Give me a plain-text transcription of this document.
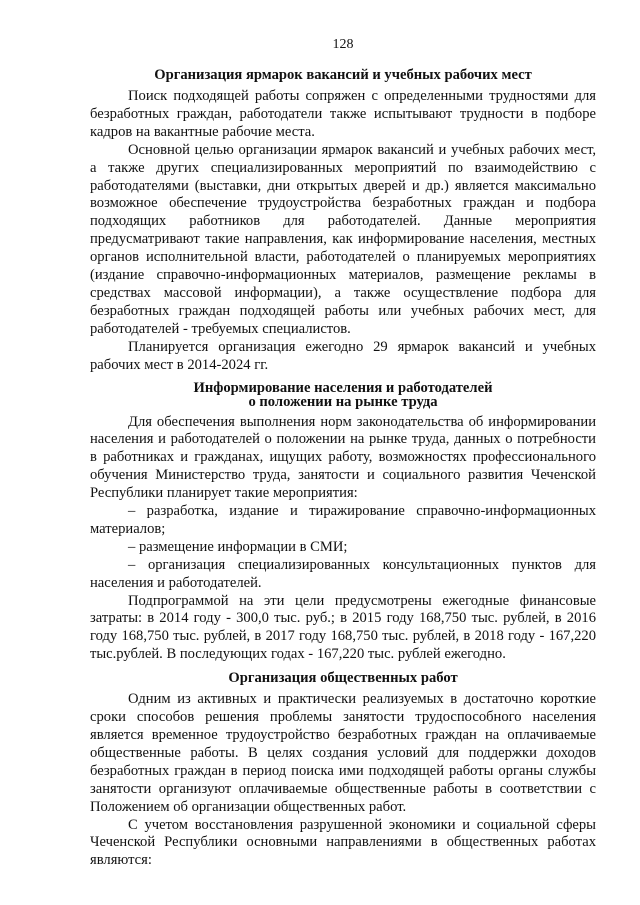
128
Организация ярмарок вакансий и учебных рабочих мест

Поиск подходящей работы сопряжен с определенными трудностями для безработных граждан, работодатели также испытывают трудности в подборе кадров на вакантные рабочие места.

Основной целью организации ярмарок вакансий и учебных рабочих мест, а также других специализированных мероприятий по взаимодействию с работодателями (выставки, дни открытых дверей и др.) является максимально возможное обеспечение трудоустройства безработных граждан и подбора подходящих работников для работодателей. Данные мероприятия предусматривают такие направления, как информирование населения, местных органов исполнительной власти, работодателей о планируемых мероприятиях (издание справочно-информационных материалов, размещение рекламы в средствах массовой информации), а также осуществление подбора для безработных граждан подходящей работы или учебных рабочих мест, для работодателей - требуемых специалистов.

Планируется организация ежегодно 29 ярмарок вакансий и учебных рабочих мест в 2014-2024 гг.

Информирование населения и работодателей
о положении на рынке труда

Для обеспечения выполнения норм законодательства об информировании населения и работодателей о положении на рынке труда, данных о потребности в работниках и гражданах, ищущих работу, возможностях профессионального обучения Министерство труда, занятости и социального развития Чеченской Республики планирует такие мероприятия:

– разработка, издание и тиражирование справочно-информационных материалов;

– размещение информации в СМИ;

– организация специализированных консультационных пунктов для населения и работодателей.

Подпрограммой на эти цели предусмотрены ежегодные финансовые затраты: в 2014 году - 300,0 тыс. руб.; в 2015 году 168,750 тыс. рублей, в 2016 году 168,750 тыс. рублей, в 2017 году 168,750 тыс. рублей, в 2018 году - 167,220 тыс.рублей. В последующих годах - 167,220 тыс. рублей ежегодно.

Организация общественных работ

Одним из активных и практически реализуемых в достаточно короткие сроки способов решения проблемы занятости трудоспособного населения является временное трудоустройство безработных граждан на оплачиваемые общественные работы. В целях создания условий для поддержки доходов безработных граждан в период поиска ими подходящей работы органы службы занятости организуют оплачиваемые общественные работы в соответствии с Положением об организации общественных работ.

С учетом восстановления разрушенной экономики и социальной сферы Чеченской Республики основными направлениями в общественных работах являются:
